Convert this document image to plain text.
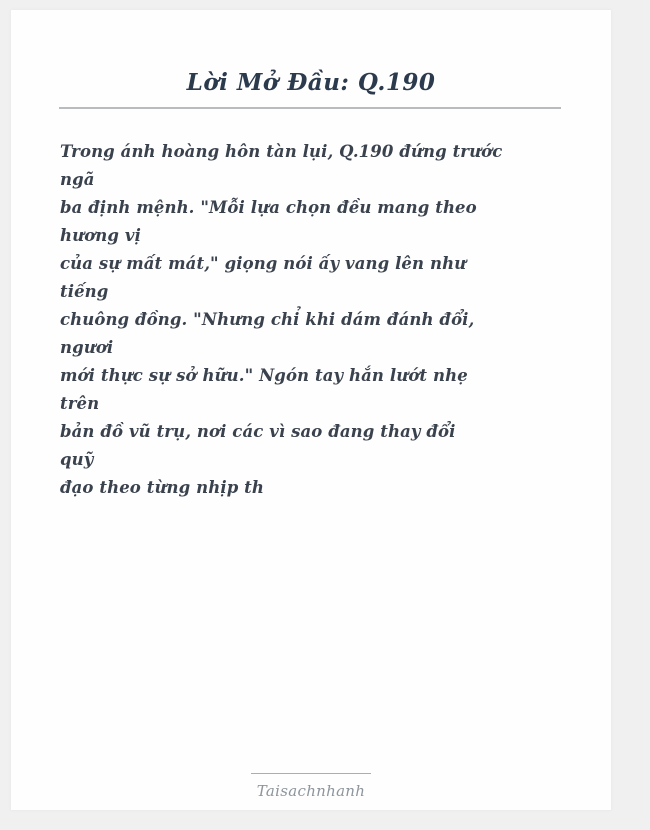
Lời Mở Đầu: Q.190
Trong ánh hoàng hôn tàn lụi, Q.190 đứng trước
ngã
ba định mệnh. "Mỗi lựa chọn đều mang theo
hương vị
của sự mất mát," giọng nói ấy vang lên như
tiếng
chuông đồng. "Nhưng chỉ khi dám đánh đổi,
ngươi
mới thực sự sở hữu." Ngón tay hắn lướt nhẹ
trên
bản đồ vũ trụ, nơi các vì sao đang thay đổi
quỹ
đạo theo từng nhịp th
Taisachnhanh
